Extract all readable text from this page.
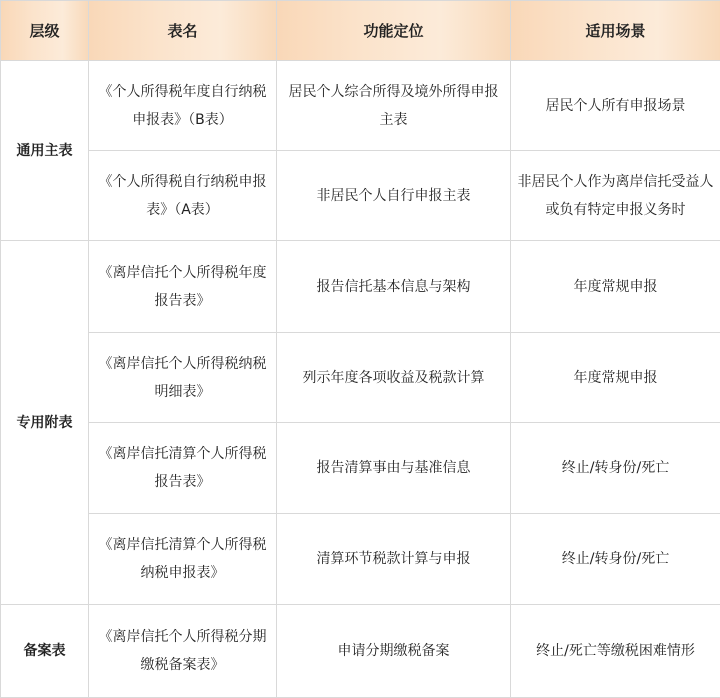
层级	表名	功能定位	适用场景
通用主表	《个人所得税年度自行纳税申报表》（B表）	居民个人综合所得及境外所得申报主表	居民个人所有申报场景
	《个人所得税自行纳税申报表》（A表）	非居民个人自行申报主表	非居民个人作为离岸信托受益人或负有特定申报义务时
专用附表	《离岸信托个人所得税年度报告表》	报告信托基本信息与架构	年度常规申报
	《离岸信托个人所得税纳税明细表》	列示年度各项收益及税款计算	年度常规申报
	《离岸信托清算个人所得税报告表》	报告清算事由与基准信息	终止/转身份/死亡
	《离岸信托清算个人所得税纳税申报表》	清算环节税款计算与申报	终止/转身份/死亡
备案表	《离岸信托个人所得税分期缴税备案表》	申请分期缴税备案	终止/死亡等缴税困难情形
